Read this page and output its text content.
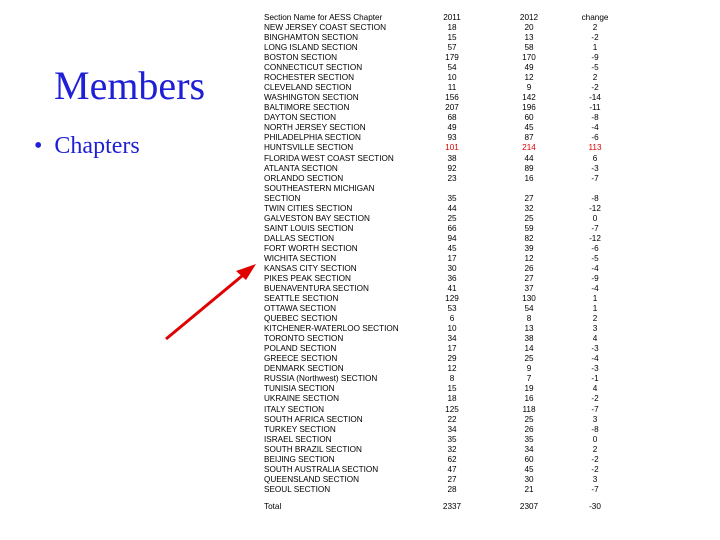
Members
• Chapters
Section Name for AESS Chapter	2011	2012	change
NEW JERSEY COAST SECTION	18	20	2
BINGHAMTON SECTION	15	13	-2
LONG ISLAND SECTION	57	58	1
BOSTON SECTION	179	170	-9
CONNECTICUT SECTION	54	49	-5
ROCHESTER SECTION	10	12	2
CLEVELAND SECTION	11	9	-2
WASHINGTON SECTION	156	142	-14
BALTIMORE SECTION	207	196	-11
DAYTON SECTION	68	60	-8
NORTH JERSEY SECTION	49	45	-4
PHILADELPHIA SECTION	93	87	-6
HUNTSVILLE SECTION	101	214	113
FLORIDA WEST COAST SECTION	38	44	6
ATLANTA SECTION	92	89	-3
ORLANDO SECTION	23	16	-7
SOUTHEASTERN MICHIGAN
SECTION	35	27	-8
TWIN CITIES SECTION	44	32	-12
GALVESTON BAY SECTION	25	25	0
SAINT LOUIS SECTION	66	59	-7
DALLAS SECTION	94	82	-12
FORT WORTH SECTION	45	39	-6
WICHITA SECTION	17	12	-5
KANSAS CITY SECTION	30	26	-4
PIKES PEAK SECTION	36	27	-9
BUENAVENTURA SECTION	41	37	-4
SEATTLE SECTION	129	130	1
OTTAWA SECTION	53	54	1
QUEBEC SECTION	6	8	2
KITCHENER-WATERLOO SECTION	10	13	3
TORONTO SECTION	34	38	4
POLAND SECTION	17	14	-3
GREECE SECTION	29	25	-4
DENMARK SECTION	12	9	-3
RUSSIA (Northwest) SECTION	8	7	-1
TUNISIA SECTION	15	19	4
UKRAINE SECTION	18	16	-2
ITALY SECTION	125	118	-7
SOUTH AFRICA SECTION	22	25	3
TURKEY SECTION	34	26	-8
ISRAEL SECTION	35	35	0
SOUTH BRAZIL SECTION	32	34	2
BEIJING SECTION	62	60	-2
SOUTH AUSTRALIA SECTION	47	45	-2
QUEENSLAND SECTION	27	30	3
SEOUL SECTION	28	21	-7
Total	2337	2307	-30
